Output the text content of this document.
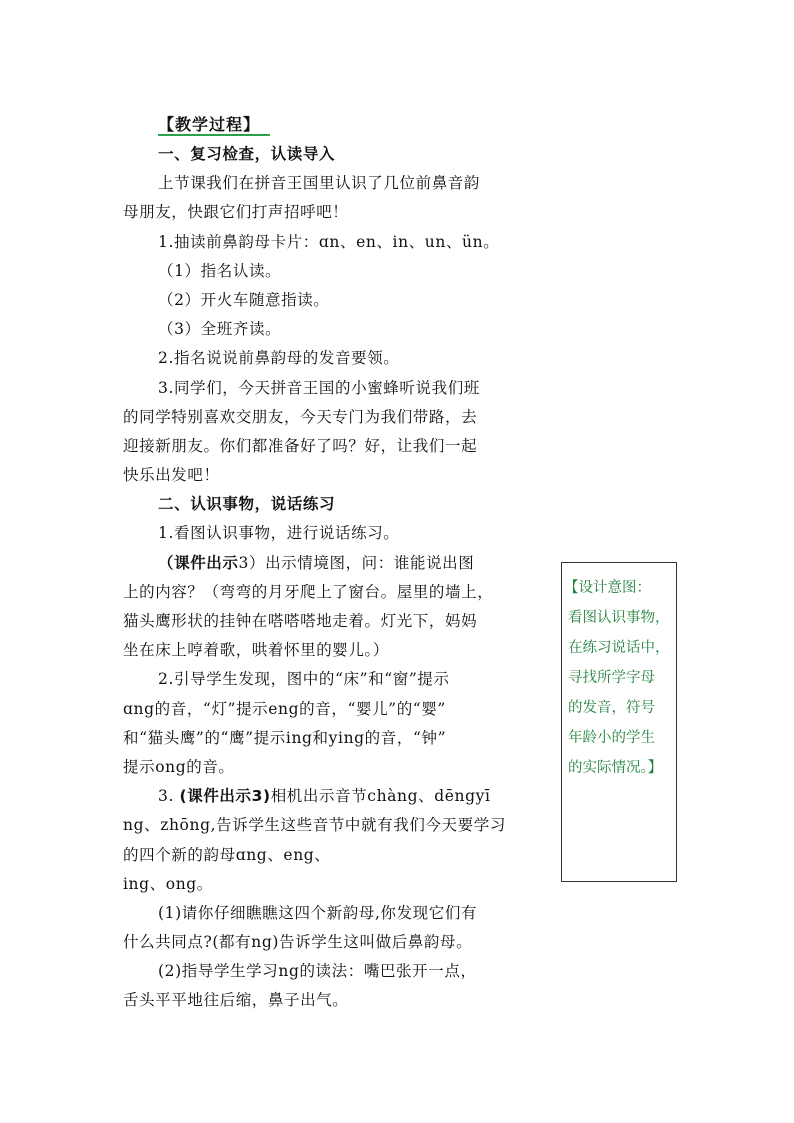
【教学过程】
一、复习检查，认读导入
上节课我们在拼音王国里认识了几位前鼻音韵
母朋友，快跟它们打声招呼吧！
1.抽读前鼻韵母卡片：ɑn、en、in、un、ün。
（1）指名认读。
（2）开火车随意指读。
（3）全班齐读。
2.指名说说前鼻韵母的发音要领。
3.同学们，今天拼音王国的小蜜蜂听说我们班
的同学特别喜欢交朋友，今天专门为我们带路，去
迎接新朋友。你们都准备好了吗？好，让我们一起
快乐出发吧！
二、认识事物，说话练习
1.看图认识事物，进行说话练习。
（课件出示3）出示情境图，问：谁能说出图
上的内容？（弯弯的月牙爬上了窗台。屋里的墙上，
猫头鹰形状的挂钟在嗒嗒嗒地走着。灯光下，妈妈
坐在床上哼着歌，哄着怀里的婴儿。）
2.引导学生发现，图中的“床”和“窗”提示
ɑng的音，“灯”提示eng的音，“婴儿”的“婴”
和“猫头鹰”的“鹰”提示ing和ying的音，“钟”
提示ong的音。
3. (课件出示3)相机出示音节chàng、dēngyī
ng、zhōng,告诉学生这些音节中就有我们今天要学习
的四个新的韵母ɑng、eng、
ing、ong。
(1)请你仔细瞧瞧这四个新韵母,你发现它们有
什么共同点?(都有ng)告诉学生这叫做后鼻韵母。
(2)指导学生学习ng的读法：嘴巴张开一点，
舌头平平地往后缩，鼻子出气。
【设计意图：
看图认识事物，
在练习说话中，
寻找所学字母
的发音，符号
年龄小的学生
的实际情况。】
